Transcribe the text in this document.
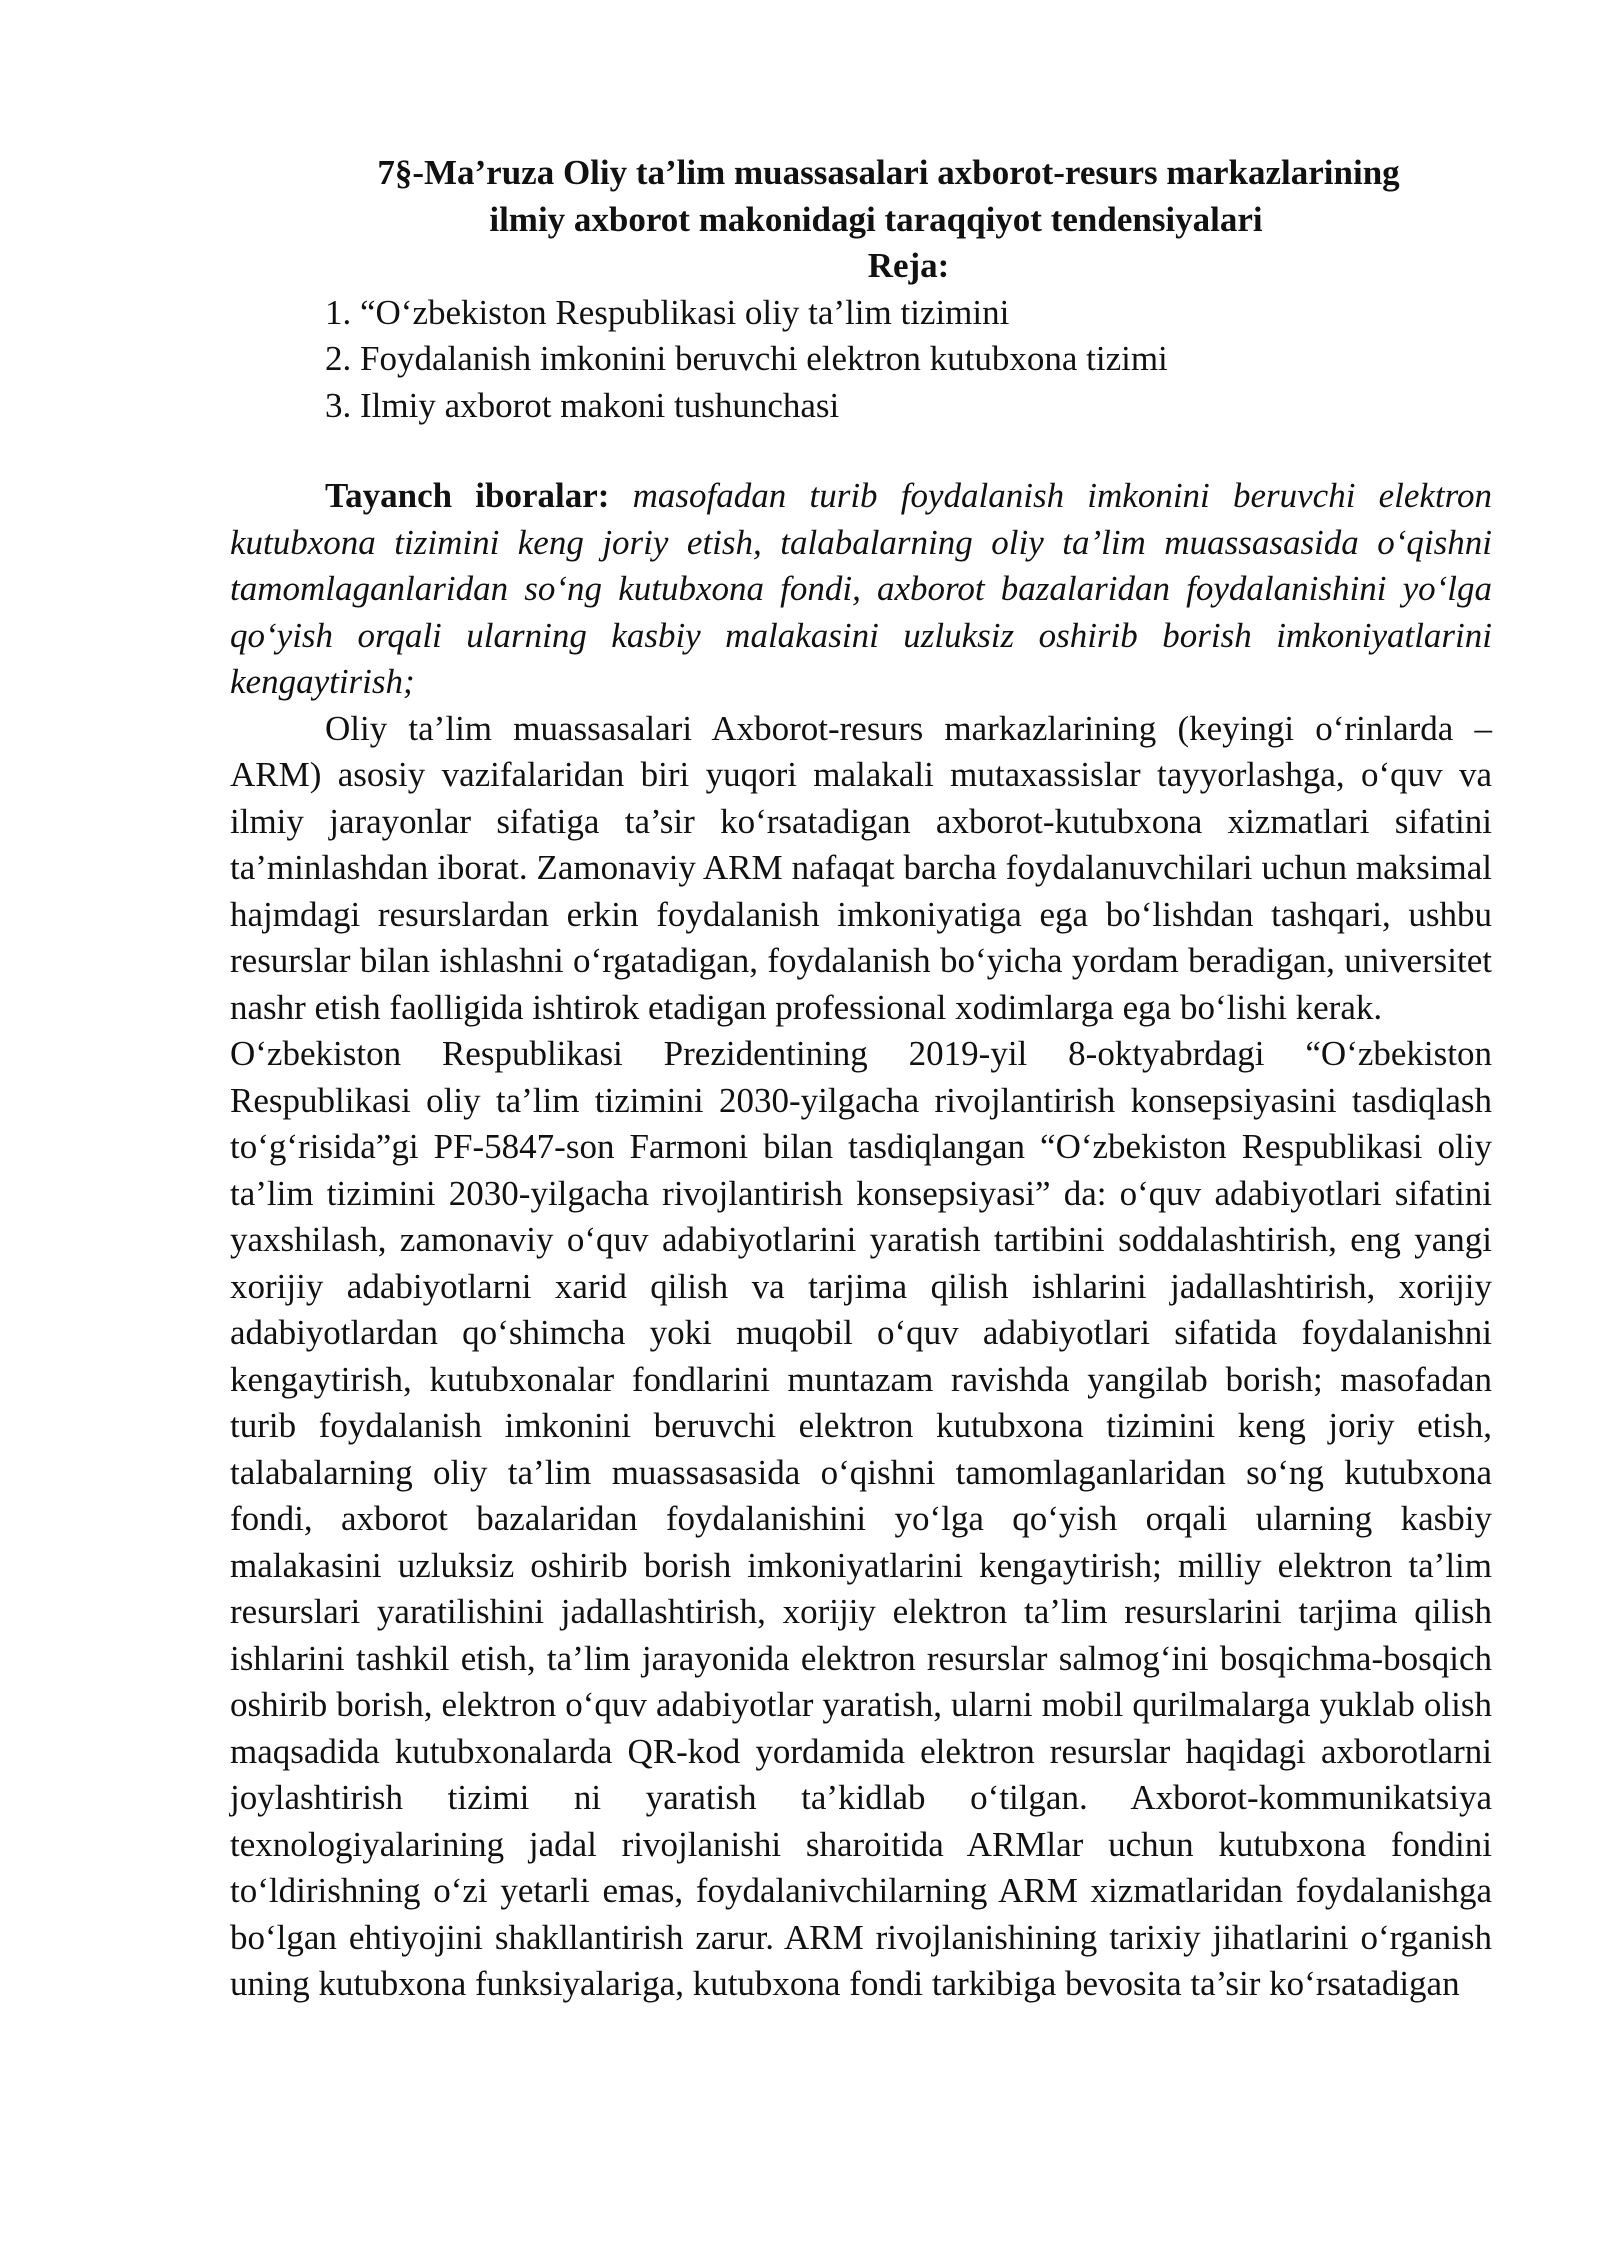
7§-Ma’ruza Oliy ta’lim muassasalari axborot-resurs markazlarining
ilmiy axborot makonidagi taraqqiyot tendensiyalari
Reja:
1. “O‘zbekiston Respublikasi oliy ta’lim tizimini
2. Foydalanish imkonini beruvchi elektron kutubxona tizimi
3. Ilmiy axborot makoni tushunchasi

Tayanch iboralar: masofadan turib foydalanish imkonini beruvchi elektron kutubxona tizimini keng joriy etish, talabalarning oliy ta’lim muassasasida o‘qishni tamomlaganlaridan so‘ng kutubxona fondi, axborot bazalaridan foydalanishini yo‘lga qo‘yish orqali ularning kasbiy malakasini uzluksiz oshirib borish imkoniyatlarini kengaytirish;

Oliy ta’lim muassasalari Axborot-resurs markazlarining (keyingi o‘rinlarda – ARM) asosiy vazifalaridan biri yuqori malakali mutaxassislar tayyorlashga, o‘quv va ilmiy jarayonlar sifatiga ta’sir ko‘rsatadigan axborot-kutubxona xizmatlari sifatini ta’minlashdan iborat. Zamonaviy ARM nafaqat barcha foydalanuvchilari uchun maksimal hajmdagi resurslardan erkin foydalanish imkoniyatiga ega bo‘lishdan tashqari, ushbu resurslar bilan ishlashni o‘rgatadigan, foydalanish bo‘yicha yordam beradigan, universitet nashr etish faolligida ishtirok etadigan professional xodimlarga ega bo‘lishi kerak.

O‘zbekiston Respublikasi Prezidentining 2019-yil 8-oktyabrdagi “O‘zbekiston Respublikasi oliy ta’lim tizimini 2030-yilgacha rivojlantirish konsepsiyasini tasdiqlash to‘g‘risida”gi PF-5847-son Farmoni bilan tasdiqlangan “O‘zbekiston Respublikasi oliy ta’lim tizimini 2030-yilgacha rivojlantirish konsepsiyasi” da: o‘quv adabiyotlari sifatini yaxshilash, zamonaviy o‘quv adabiyotlarini yaratish tartibini soddalashtirish, eng yangi xorijiy adabiyotlarni xarid qilish va tarjima qilish ishlarini jadallashtirish, xorijiy adabiyotlardan qo‘shimcha yoki muqobil o‘quv adabiyotlari sifatida foydalanishni kengaytirish, kutubxonalar fondlarini muntazam ravishda yangilab borish; masofadan turib foydalanish imkonini beruvchi elektron kutubxona tizimini keng joriy etish, talabalarning oliy ta’lim muassasasida o‘qishni tamomlaganlaridan so‘ng kutubxona fondi, axborot bazalaridan foydalanishini yo‘lga qo‘yish orqali ularning kasbiy malakasini uzluksiz oshirib borish imkoniyatlarini kengaytirish; milliy elektron ta’lim resurslari yaratilishini jadallashtirish, xorijiy elektron ta’lim resurslarini tarjima qilish ishlarini tashkil etish, ta’lim jarayonida elektron resurslar salmog‘ini bosqichma-bosqich oshirib borish, elektron o‘quv adabiyotlar yaratish, ularni mobil qurilmalarga yuklab olish maqsadida kutubxonalarda QR-kod yordamida elektron resurslar haqidagi axborotlarni joylashtirish tizimi ni yaratish ta’kidlab o‘tilgan. Axborot-kommunikatsiya texnologiyalarining jadal rivojlanishi sharoitida ARMlar uchun kutubxona fondini to‘ldirishning o‘zi yetarli emas, foydalanivchilarning ARM xizmatlaridan foydalanishga bo‘lgan ehtiyojini shakllantirish zarur. ARM rivojlanishining tarixiy jihatlarini o‘rganish uning kutubxona funksiyalariga, kutubxona fondi tarkibiga bevosita ta’sir ko‘rsatadigan
